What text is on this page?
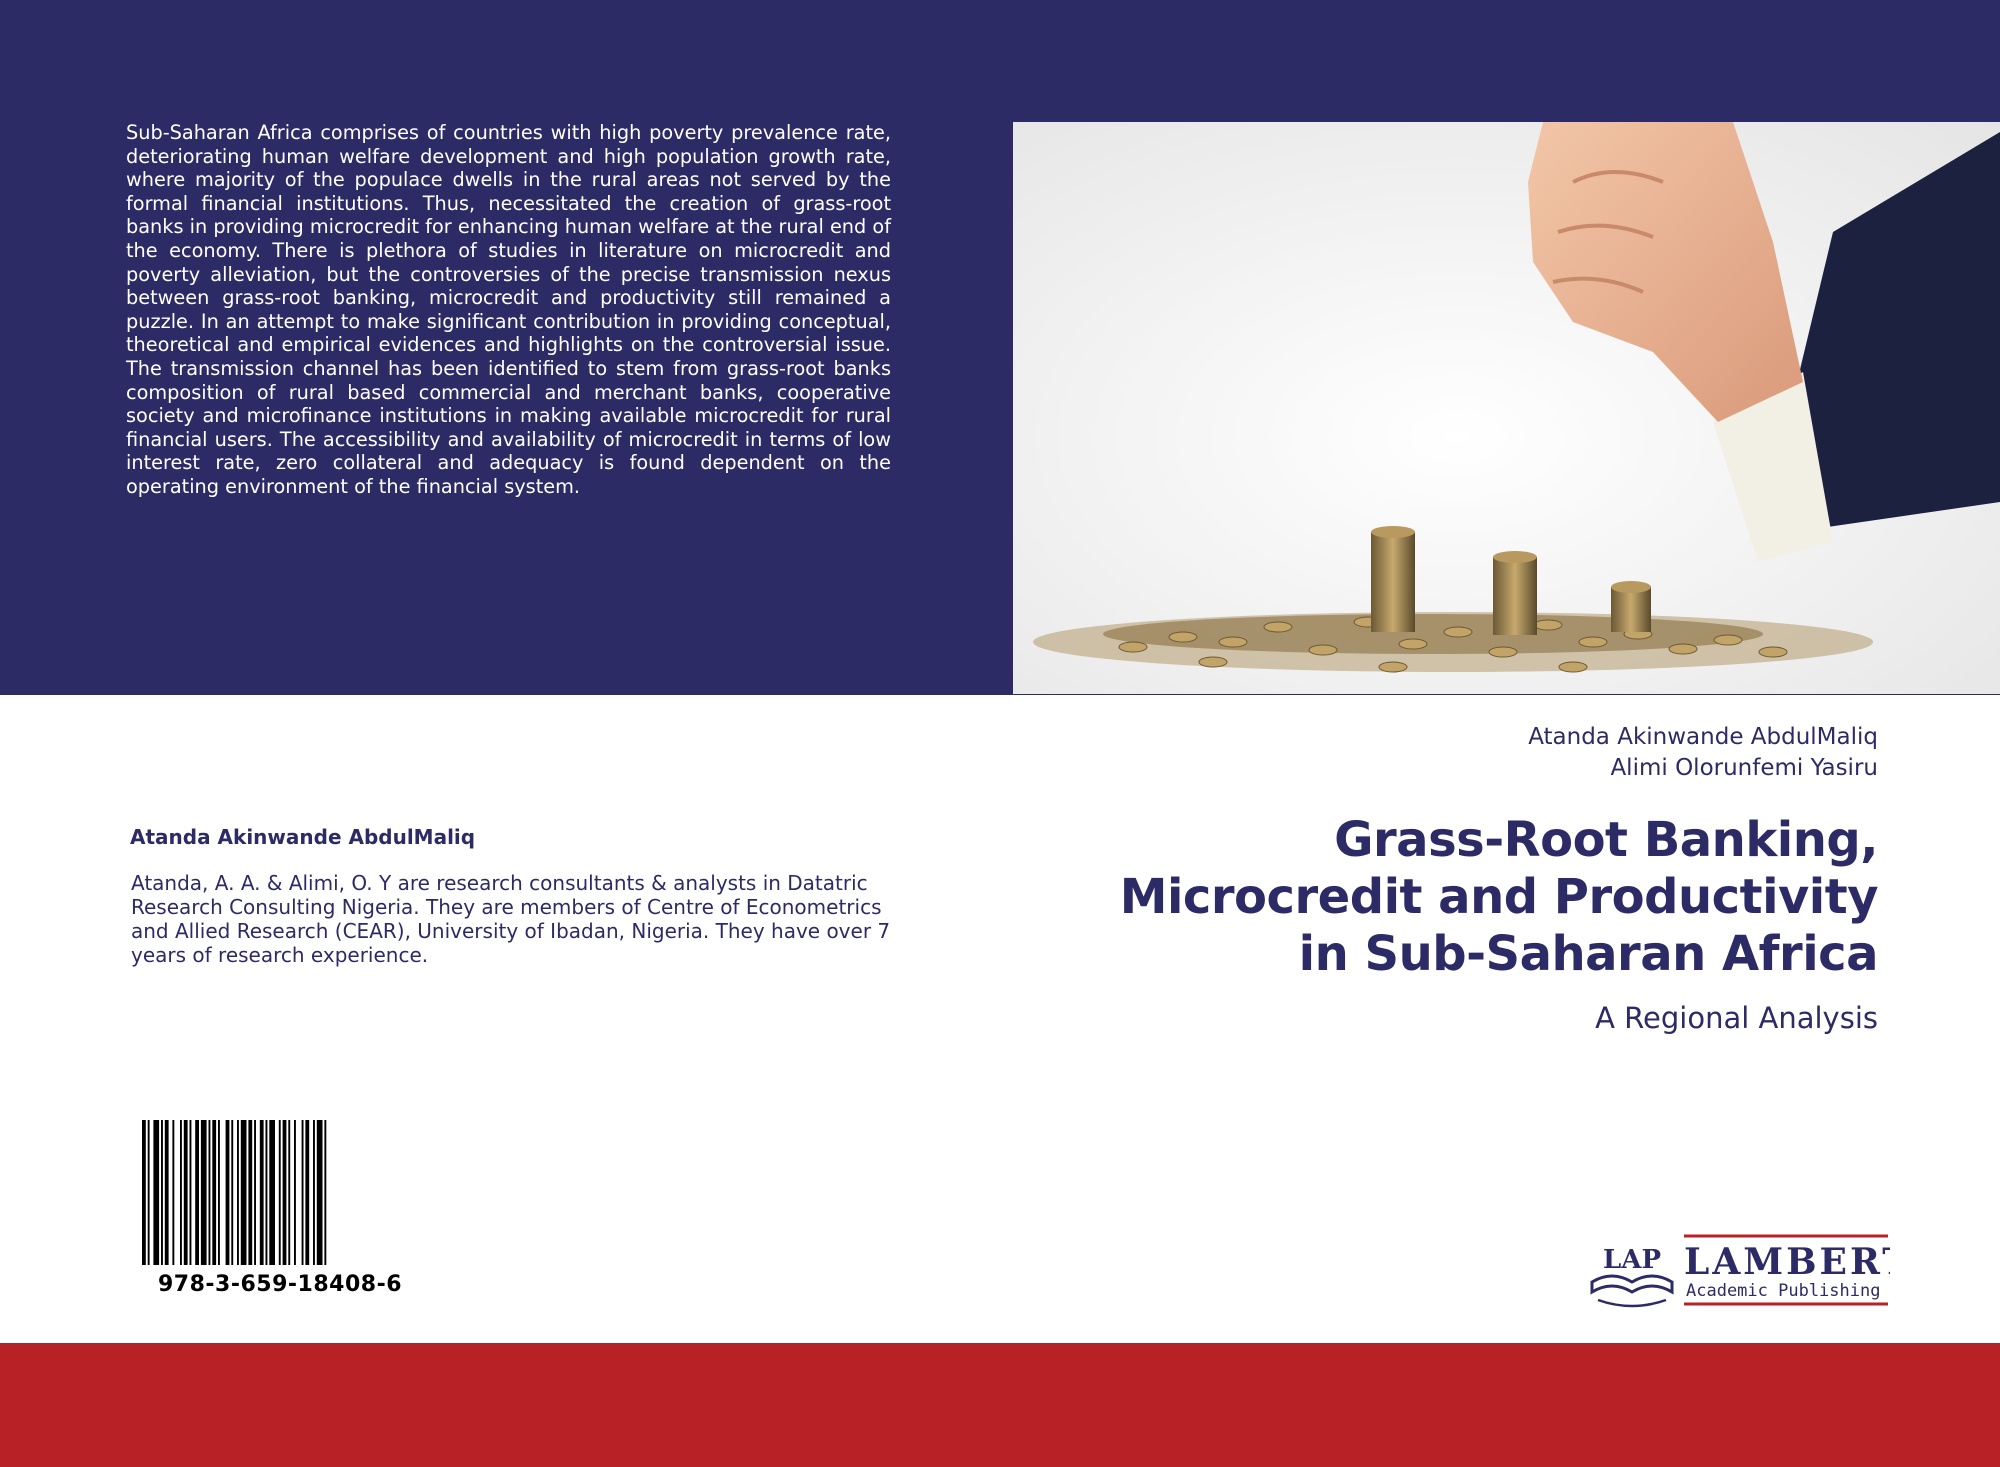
Sub-Saharan Africa comprises of countries with high poverty prevalence rate, deteriorating human welfare development and high population growth rate, where majority of the populace dwells in the rural areas not served by the formal financial institutions. Thus, necessitated the creation of grass-root banks in providing microcredit for enhancing human welfare at the rural end of the economy. There is plethora of studies in literature on microcredit and poverty alleviation, but the controversies of the precise transmission nexus between grass-root banking, microcredit and productivity still remained a puzzle. In an attempt to make significant contribution in providing conceptual, theoretical and empirical evidences and highlights on the controversial issue. The transmission channel has been identified to stem from grass-root banks composition of rural based commercial and merchant banks, cooperative society and microfinance institutions in making available microcredit for rural financial users. The accessibility and availability of microcredit in terms of low interest rate, zero collateral and adequacy is found dependent on the operating environment of the financial system.

Atanda Akinwande AbdulMaliq

Atanda, A. A. & Alimi, O. Y are research consultants & analysts in Datatric Research Consulting Nigeria. They are members of Centre of Econometrics and Allied Research (CEAR), University of Ibadan, Nigeria. They have over 7 years of research experience.

978-3-659-18408-6
Atanda Akinwande AbdulMaliq
Alimi Olorunfemi Yasiru
Grass-Root Banking,
Microcredit and Productivity
in Sub-Saharan Africa

A Regional Analysis

LAP LAMBERT
Academic Publishing
